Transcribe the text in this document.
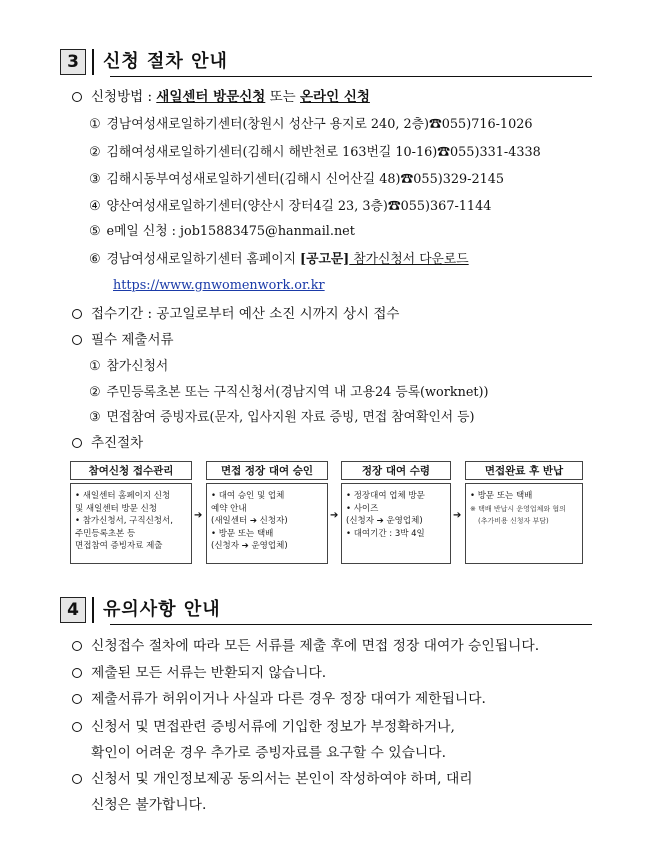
3	신청 절차 안내
신청방법 : 새일센터 방문신청 또는 온라인 신청
① 경남여성새로일하기센터(창원시 성산구 용지로 240, 2층)☎055)716-1026
② 김해여성새로일하기센터(김해시 해반천로 163번길 10-16)☎055)331-4338
③ 김해시동부여성새로일하기센터(김해시 신어산길 48)☎055)329-2145
④ 양산여성새로일하기센터(양산시 장터4길 23, 3층)☎055)367-1144
⑤ e메일 신청 : job15883475@hanmail.net
⑥ 경남여성새로일하기센터 홈페이지 [공고문] 참가신청서 다운로드
https://www.gnwomenwork.or.kr
접수기간 : 공고일로부터 예산 소진 시까지 상시 접수
필수 제출서류
① 참가신청서
② 주민등록초본 또는 구직신청서(경남지역 내 고용24 등록(worknet))
③ 면접참여 증빙자료(문자, 입사지원 자료 증빙, 면접 참여확인서 등)
추진절차
참여신청 접수관리
• 새일센터 홈페이지 신청
및 새일센터 방문 신청
• 참가신청서, 구직신청서,
주민등록초본 등
면접참여 증빙자료 제출
➔
면접 정장 대여 승인
• 대여 승인 및 업체
예약 안내
(새일센터 ➔ 신청자)
• 방문 또는 택배
(신청자 ➔ 운영업체)
➔
정장 대여 수령
• 정장대여 업체 방문
• 사이즈
(신청자 ➔ 운영업체)
• 대여기간 : 3박 4일
➔
면접완료 후 반납
• 방문 또는 택배
※ 택배 반납시 운영업체와 협의
(추가비용 신청자 부담)
4	유의사항 안내
신청접수 절차에 따라 모든 서류를 제출 후에 면접 정장 대여가 승인됩니다.
제출된 모든 서류는 반환되지 않습니다.
제출서류가 허위이거나 사실과 다른 경우 정장 대여가 제한됩니다.
신청서 및 면접관련 증빙서류에 기입한 정보가 부정확하거나,
확인이 어려운 경우 추가로 증빙자료를 요구할 수 있습니다.
신청서 및 개인정보제공 동의서는 본인이 작성하여야 하며, 대리
신청은 불가합니다.
